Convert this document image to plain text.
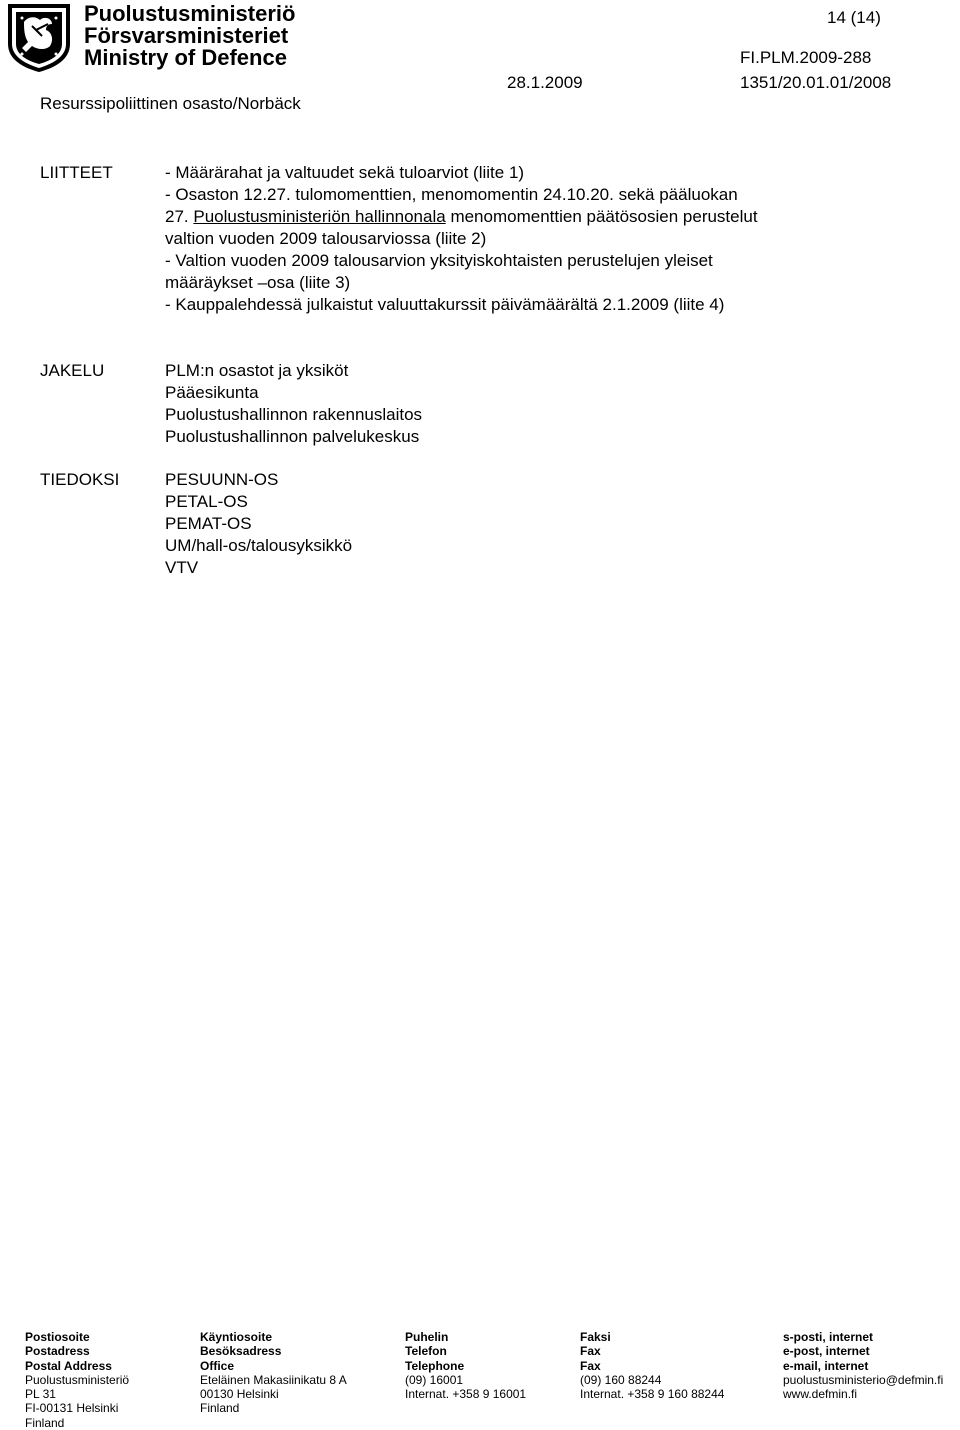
Puolustusministeriö
Försvarsministeriet
Ministry of Defence
14 (14)
FI.PLM.2009-288
28.1.2009	1351/20.01.01/2008
Resurssipoliittinen osasto/Norbäck
LIITTEET	- Määrärahat ja valtuudet sekä tuloarviot (liite 1)
- Osaston 12.27. tulomomenttien, menomomentin 24.10.20. sekä pääluokan
27. Puolustusministeriön hallinnonala menomomenttien päätösosien perustelut
valtion vuoden 2009 talousarviossa (liite 2)
- Valtion vuoden 2009 talousarvion yksityiskohtaisten perustelujen yleiset
määräykset –osa (liite 3)
- Kauppalehdessä julkaistut valuuttakurssit päivämäärältä 2.1.2009 (liite 4)
JAKELU	PLM:n osastot ja yksiköt
Pääesikunta
Puolustushallinnon rakennuslaitos
Puolustushallinnon palvelukeskus
TIEDOKSI	PESUUNN-OS
PETAL-OS
PEMAT-OS
UM/hall-os/talousyksikkö
VTV
Postiosoite
Postadress
Postal Address
Puolustusministeriö
PL 31
FI-00131 Helsinki
Finland
Käyntiosoite
Besöksadress
Office
Eteläinen Makasiinikatu 8 A
00130 Helsinki
Finland
Puhelin
Telefon
Telephone
(09) 16001
Internat. +358 9 16001
Faksi
Fax
Fax
(09) 160 88244
Internat. +358 9 160 88244
s-posti, internet
e-post, internet
e-mail, internet
puolustusministerio@defmin.fi
www.defmin.fi
